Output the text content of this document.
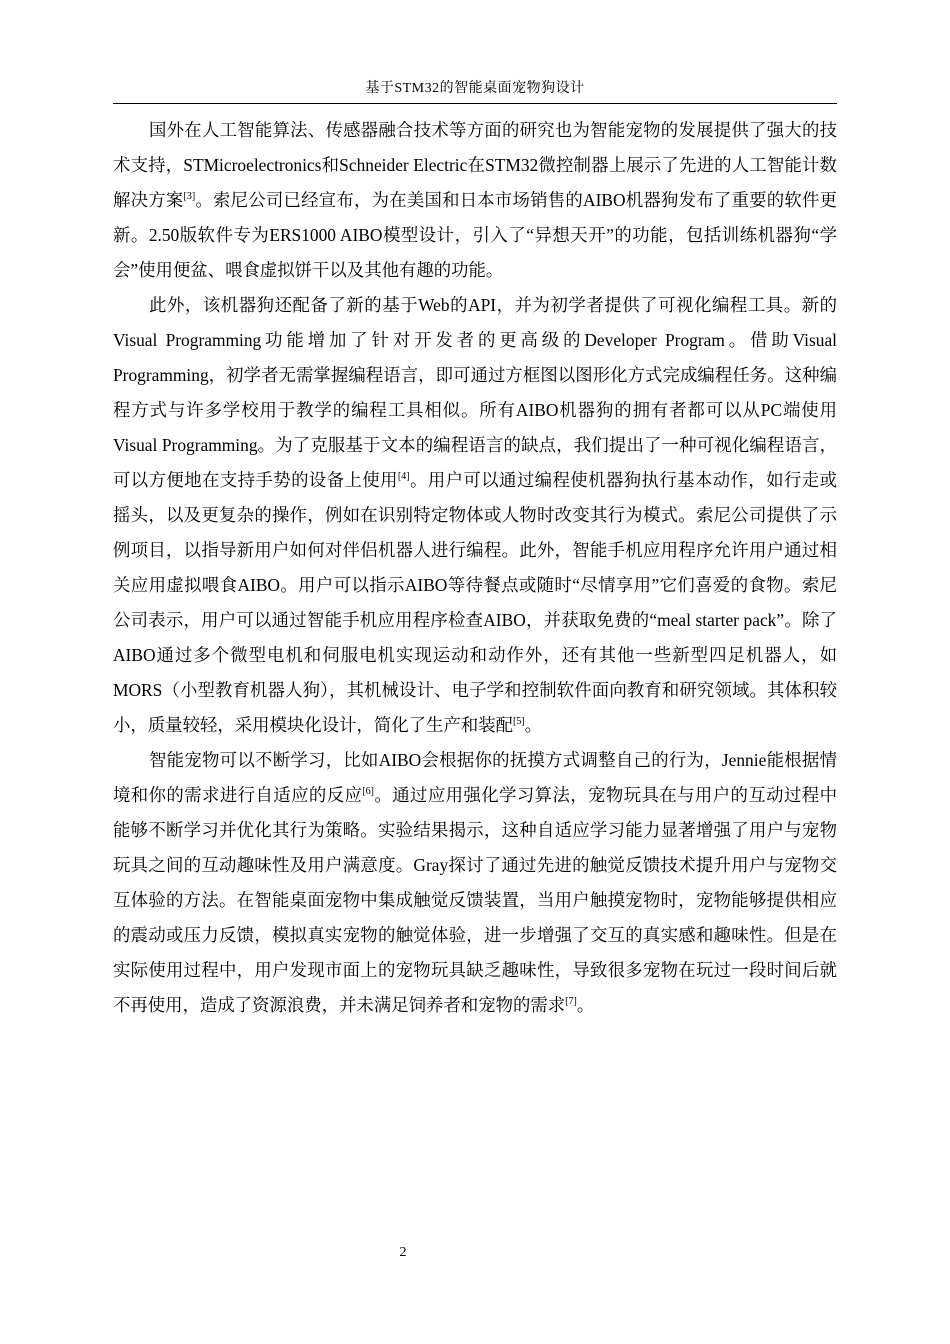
基于STM32的智能桌面宠物狗设计

国外在人工智能算法、传感器融合技术等方面的研究也为智能宠物的发展提供了强大的技术支持，STMicroelectronics和Schneider Electric在STM32微控制器上展示了先进的人工智能计数解决方案[3]。索尼公司已经宣布，为在美国和日本市场销售的AIBO机器狗发布了重要的软件更新。2.50版软件专为ERS1000 AIBO模型设计，引入了“异想天开”的功能，包括训练机器狗“学会”使用便盆、喂食虚拟饼干以及其他有趣的功能。

此外，该机器狗还配备了新的基于Web的API，并为初学者提供了可视化编程工具。新的Visual Programming功能增加了针对开发者的更高级的Developer Program。借助Visual Programming，初学者无需掌握编程语言，即可通过方框图以图形化方式完成编程任务。这种编程方式与许多学校用于教学的编程工具相似。所有AIBO机器狗的拥有者都可以从PC端使用Visual Programming。为了克服基于文本的编程语言的缺点，我们提出了一种可视化编程语言，可以方便地在支持手势的设备上使用[4]。用户可以通过编程使机器狗执行基本动作，如行走或摇头，以及更复杂的操作，例如在识别特定物体或人物时改变其行为模式。索尼公司提供了示例项目，以指导新用户如何对伴侣机器人进行编程。此外，智能手机应用程序允许用户通过相关应用虚拟喂食AIBO。用户可以指示AIBO等待餐点或随时“尽情享用”它们喜爱的食物。索尼公司表示，用户可以通过智能手机应用程序检查AIBO，并获取免费的“meal starter pack”。除了AIBO通过多个微型电机和伺服电机实现运动和动作外，还有其他一些新型四足机器人，如MORS（小型教育机器人狗），其机械设计、电子学和控制软件面向教育和研究领域。其体积较小，质量较轻，采用模块化设计，简化了生产和装配[5]。

智能宠物可以不断学习，比如AIBO会根据你的抚摸方式调整自己的行为，Jennie能根据情境和你的需求进行自适应的反应[6]。通过应用强化学习算法，宠物玩具在与用户的互动过程中能够不断学习并优化其行为策略。实验结果揭示，这种自适应学习能力显著增强了用户与宠物玩具之间的互动趣味性及用户满意度。Gray探讨了通过先进的触觉反馈技术提升用户与宠物交互体验的方法。在智能桌面宠物中集成触觉反馈装置，当用户触摸宠物时，宠物能够提供相应的震动或压力反馈，模拟真实宠物的触觉体验，进一步增强了交互的真实感和趣味性。但是在实际使用过程中，用户发现市面上的宠物玩具缺乏趣味性，导致很多宠物在玩过一段时间后就不再使用，造成了资源浪费，并未满足饲养者和宠物的需求[7]。

2
